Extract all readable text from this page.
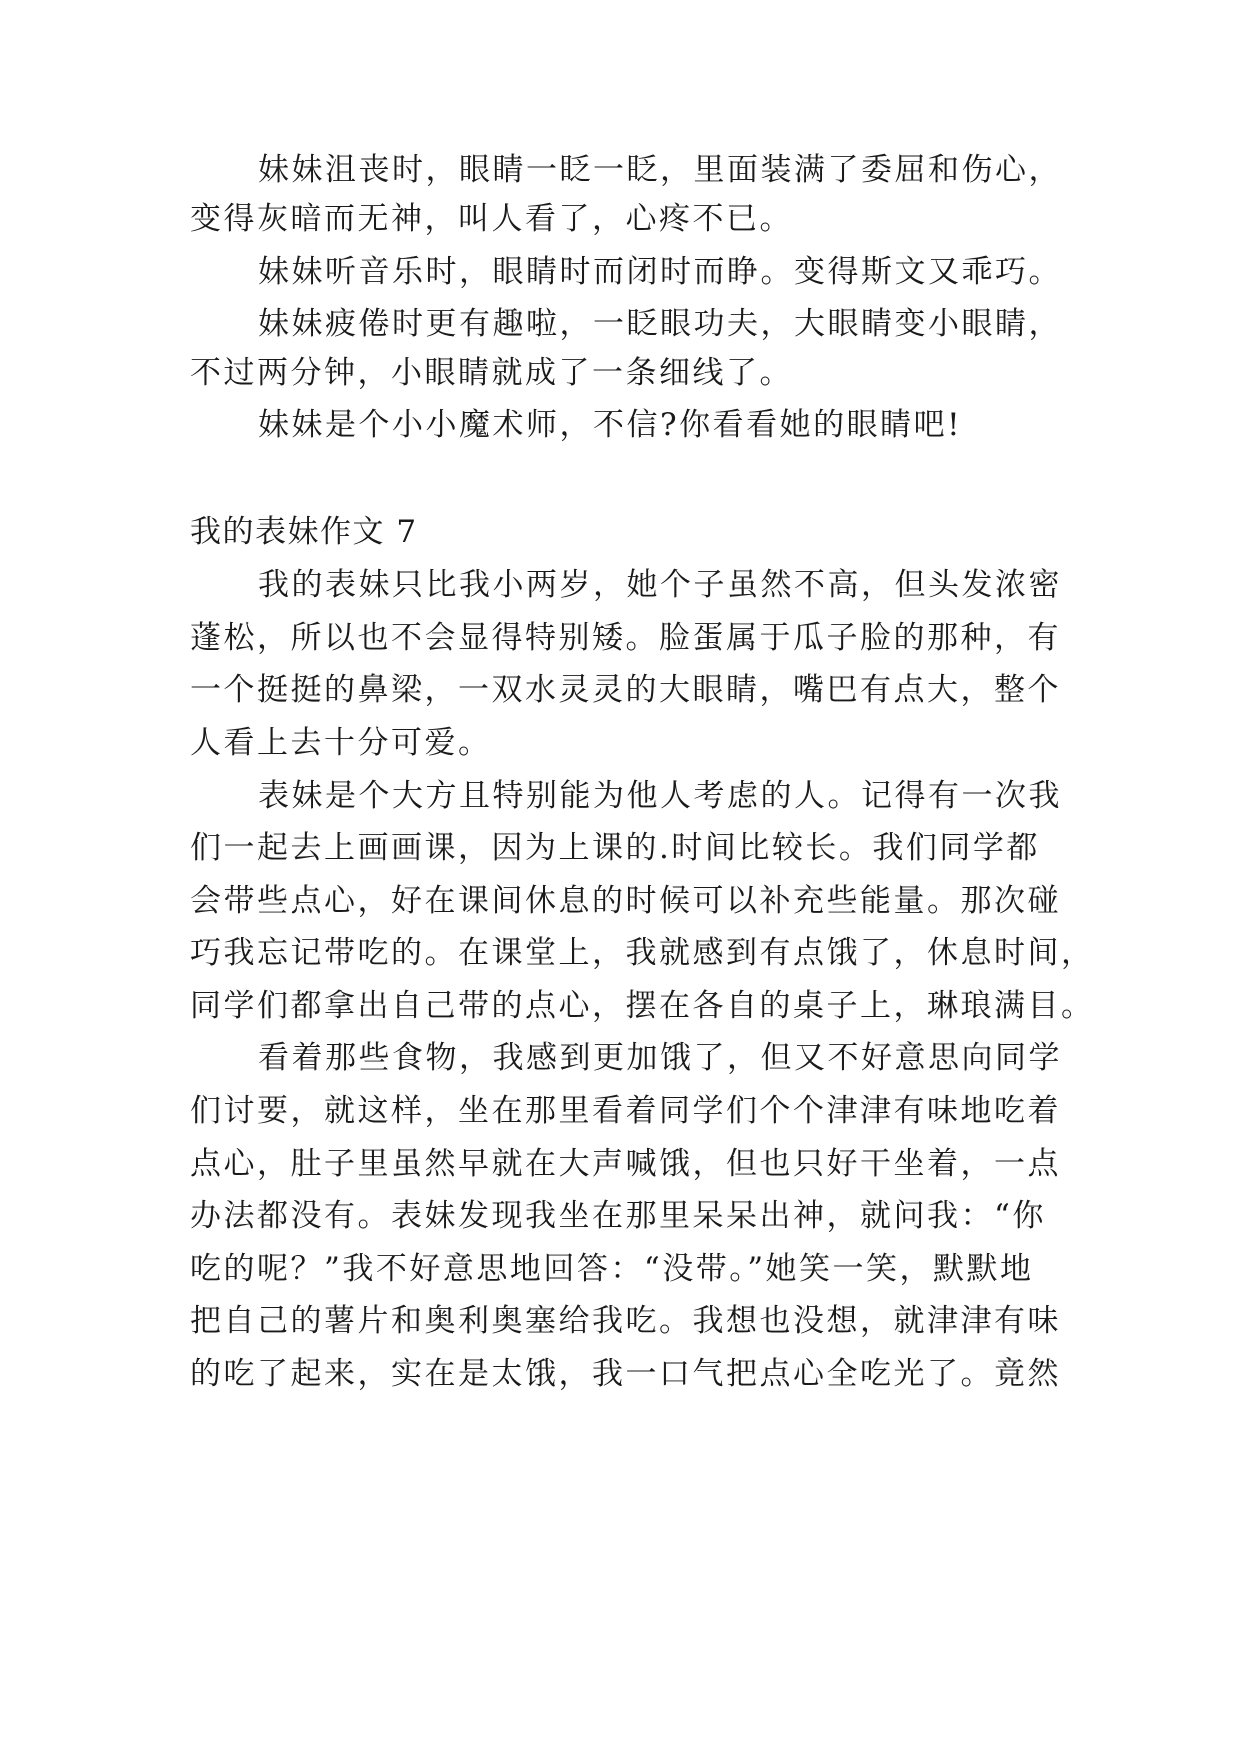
妹妹沮丧时，眼睛一眨一眨，里面装满了委屈和伤心，
变得灰暗而无神，叫人看了，心疼不已。
妹妹听音乐时，眼睛时而闭时而睁。变得斯文又乖巧。
妹妹疲倦时更有趣啦，一眨眼功夫，大眼睛变小眼睛，
不过两分钟，小眼睛就成了一条细线了。
妹妹是个小小魔术师，不信?你看看她的眼睛吧!
我的表妹作文 7
我的表妹只比我小两岁，她个子虽然不高，但头发浓密
蓬松，所以也不会显得特别矮。脸蛋属于瓜子脸的那种，有
一个挺挺的鼻梁，一双水灵灵的大眼睛，嘴巴有点大，整个
人看上去十分可爱。
表妹是个大方且特别能为他人考虑的人。记得有一次我
们一起去上画画课，因为上课的.时间比较长。我们同学都
会带些点心，好在课间休息的时候可以补充些能量。那次碰
巧我忘记带吃的。在课堂上，我就感到有点饿了，休息时间，
同学们都拿出自己带的点心，摆在各自的桌子上，琳琅满目。
看着那些食物，我感到更加饿了，但又不好意思向同学
们讨要，就这样，坐在那里看着同学们个个津津有味地吃着
点心，肚子里虽然早就在大声喊饿，但也只好干坐着，一点
办法都没有。表妹发现我坐在那里呆呆出神，就问我：“你
吃的呢？”我不好意思地回答：“没带。”她笑一笑，默默地
把自己的薯片和奥利奥塞给我吃。我想也没想，就津津有味
的吃了起来，实在是太饿，我一口气把点心全吃光了。竟然
